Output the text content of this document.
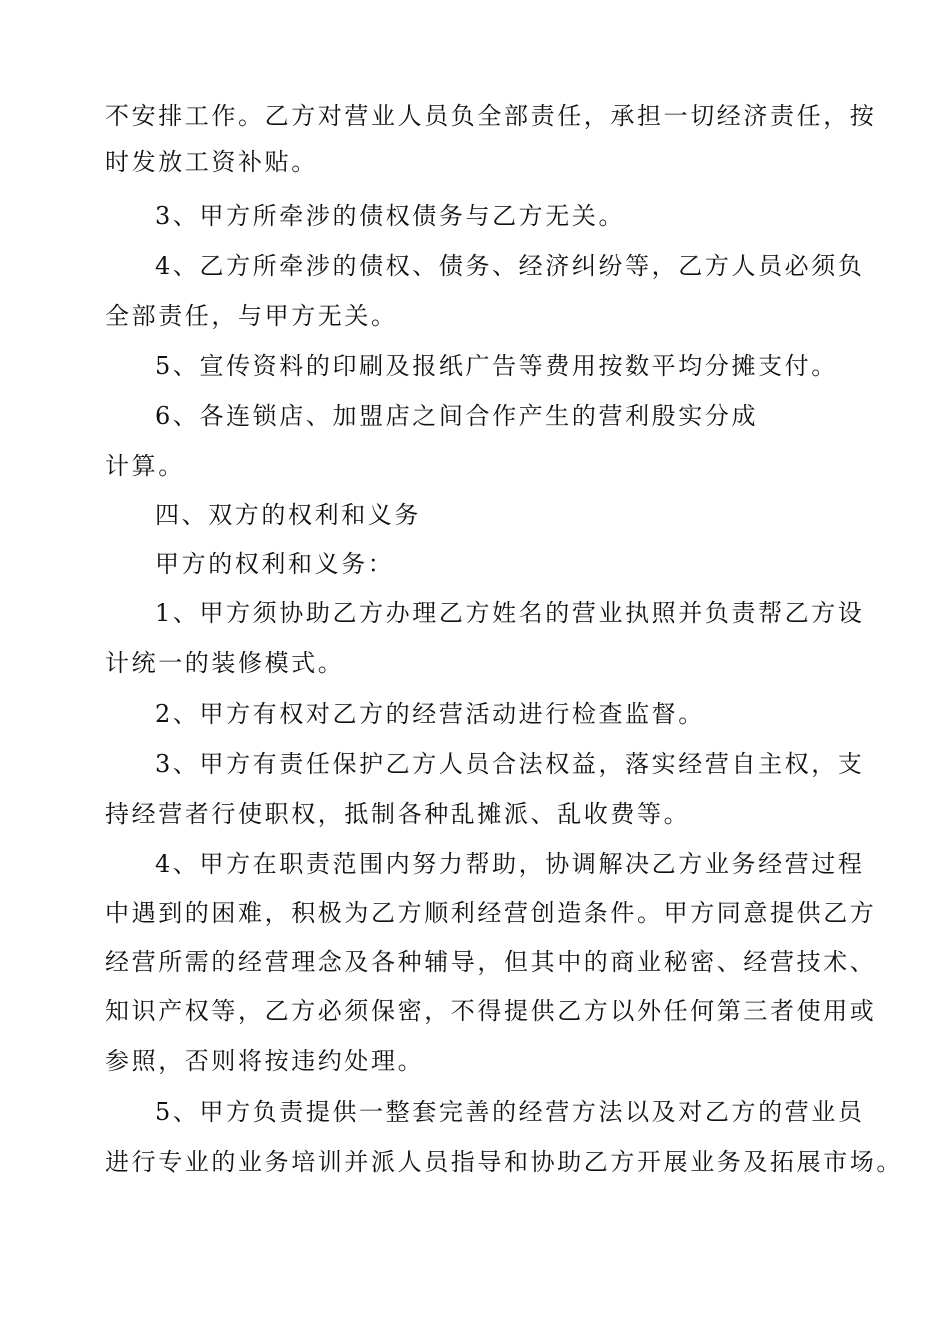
不安排工作。乙方对营业人员负全部责任，承担一切经济责任，按
时发放工资补贴。
3、甲方所牵涉的债权债务与乙方无关。
4、乙方所牵涉的债权、债务、经济纠纷等，乙方人员必须负
全部责任，与甲方无关。
5、宣传资料的印刷及报纸广告等费用按数平均分摊支付。
6、各连锁店、加盟店之间合作产生的营利殷实分成
计算。
四、双方的权利和义务
甲方的权利和义务：
1、甲方须协助乙方办理乙方姓名的营业执照并负责帮乙方设
计统一的装修模式。
2、甲方有权对乙方的经营活动进行检查监督。
3、甲方有责任保护乙方人员合法权益，落实经营自主权，支
持经营者行使职权，抵制各种乱摊派、乱收费等。
4、甲方在职责范围内努力帮助，协调解决乙方业务经营过程
中遇到的困难，积极为乙方顺利经营创造条件。甲方同意提供乙方
经营所需的经营理念及各种辅导，但其中的商业秘密、经营技术、
知识产权等，乙方必须保密，不得提供乙方以外任何第三者使用或
参照，否则将按违约处理。
5、甲方负责提供一整套完善的经营方法以及对乙方的营业员
进行专业的业务培训并派人员指导和协助乙方开展业务及拓展市场。
